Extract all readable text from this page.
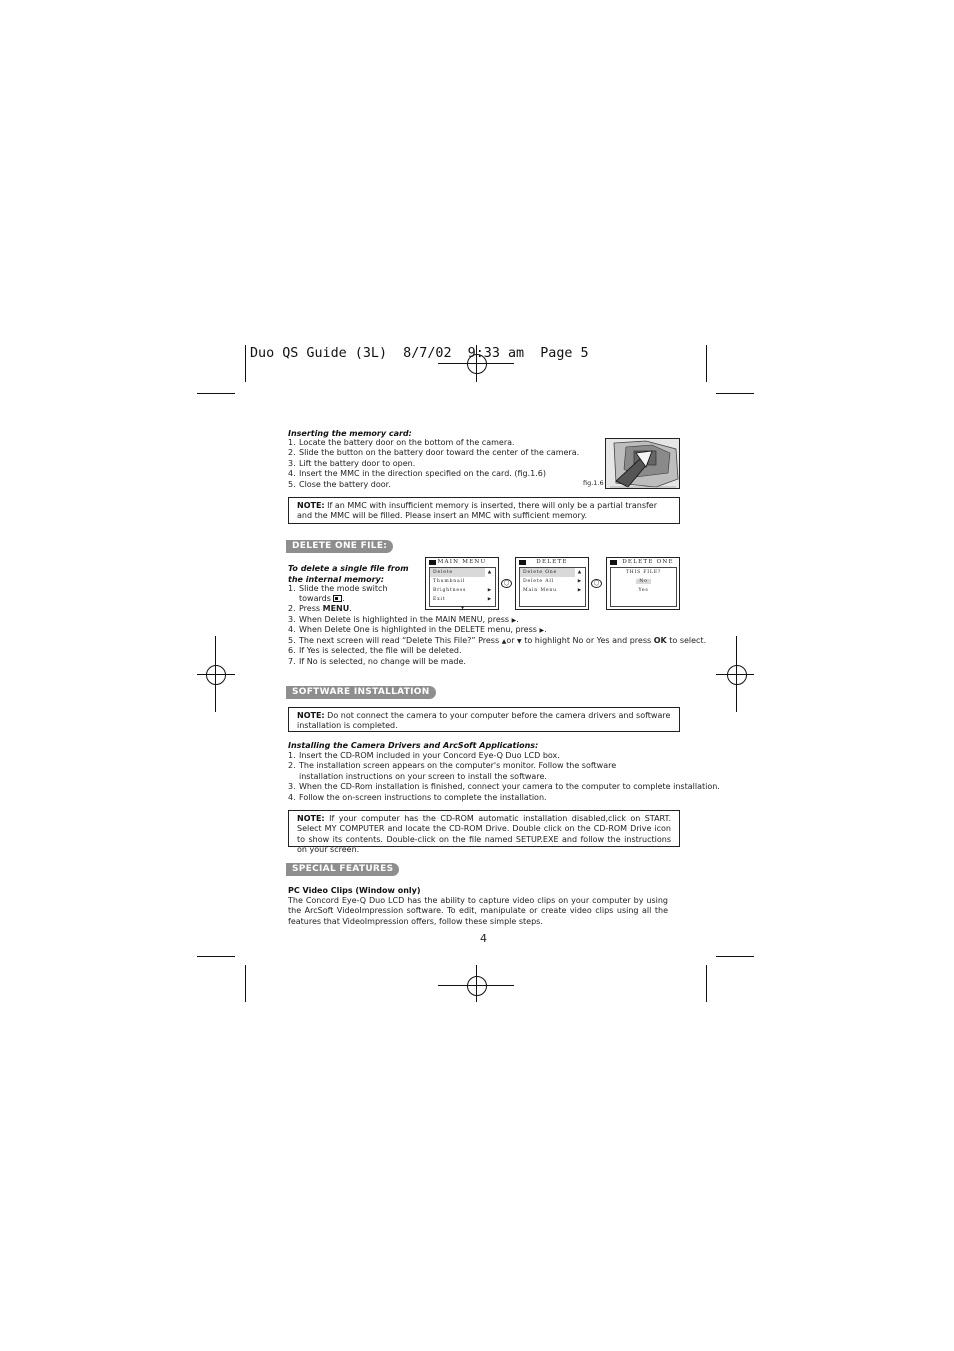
Duo QS Guide (3L)  8/7/02  9:33 am  Page 5
Inserting the memory card:
1. Locate the battery door on the bottom of the camera.
2. Slide the button on the battery door toward the center of the camera.
3. Lift the battery door to open.
4. Insert the MMC in the direction specified on the card. (fig.1.6)
5. Close the battery door.	fig.1.6
NOTE: If an MMC with insufficient memory is inserted, there will only be a partial transfer and the MMC will be filled. Please insert an MMC with sufficient memory.
DELETE ONE FILE:
To delete a single file from the internal memory:
1. Slide the mode switch
towards .
2. Press MENU.
3. When Delete is highlighted in the MAIN MENU, press ▶.
4. When Delete One is highlighted in the DELETE menu, press ▶.
5. The next screen will read “Delete This File?” Press ▲or ▼ to highlight No or Yes and press OK to select.
6. If Yes is selected, the file will be deleted.
7. If No is selected, no change will be made.
MAIN MENU
Delete	▲
Thumbnail
Brightness	▶
Exit	▶
▼
◯
DELETE
Delete One	▲
Delete All	▶
Main Menu	▶
◯
DELETE ONE
THIS FILE?
No
Yes
SOFTWARE INSTALLATION
NOTE: Do not connect the camera to your computer before the camera drivers and software installation is completed.
Installing the Camera Drivers and ArcSoft Applications:
1. Insert the CD-ROM included in your Concord Eye-Q Duo LCD box.
2. The installation screen appears on the computer's monitor. Follow the software installation instructions on your screen to install the software.
3. When the CD-Rom installation is finished, connect your camera to the computer to complete installation.
4. Follow the on-screen instructions to complete the installation.
NOTE: If your computer has the CD-ROM automatic installation disabled,click on START. Select MY COMPUTER and locate the CD-ROM Drive. Double click on the CD-ROM Drive icon to show its contents. Double-click on the file named SETUP.EXE and follow the instructions on your screen.
SPECIAL FEATURES
PC Video Clips (Window only)
The Concord Eye-Q Duo LCD has the ability to capture video clips on your computer by using the ArcSoft VideoImpression software. To edit, manipulate or create video clips using all the features that VideoImpression offers, follow these simple steps.
4
